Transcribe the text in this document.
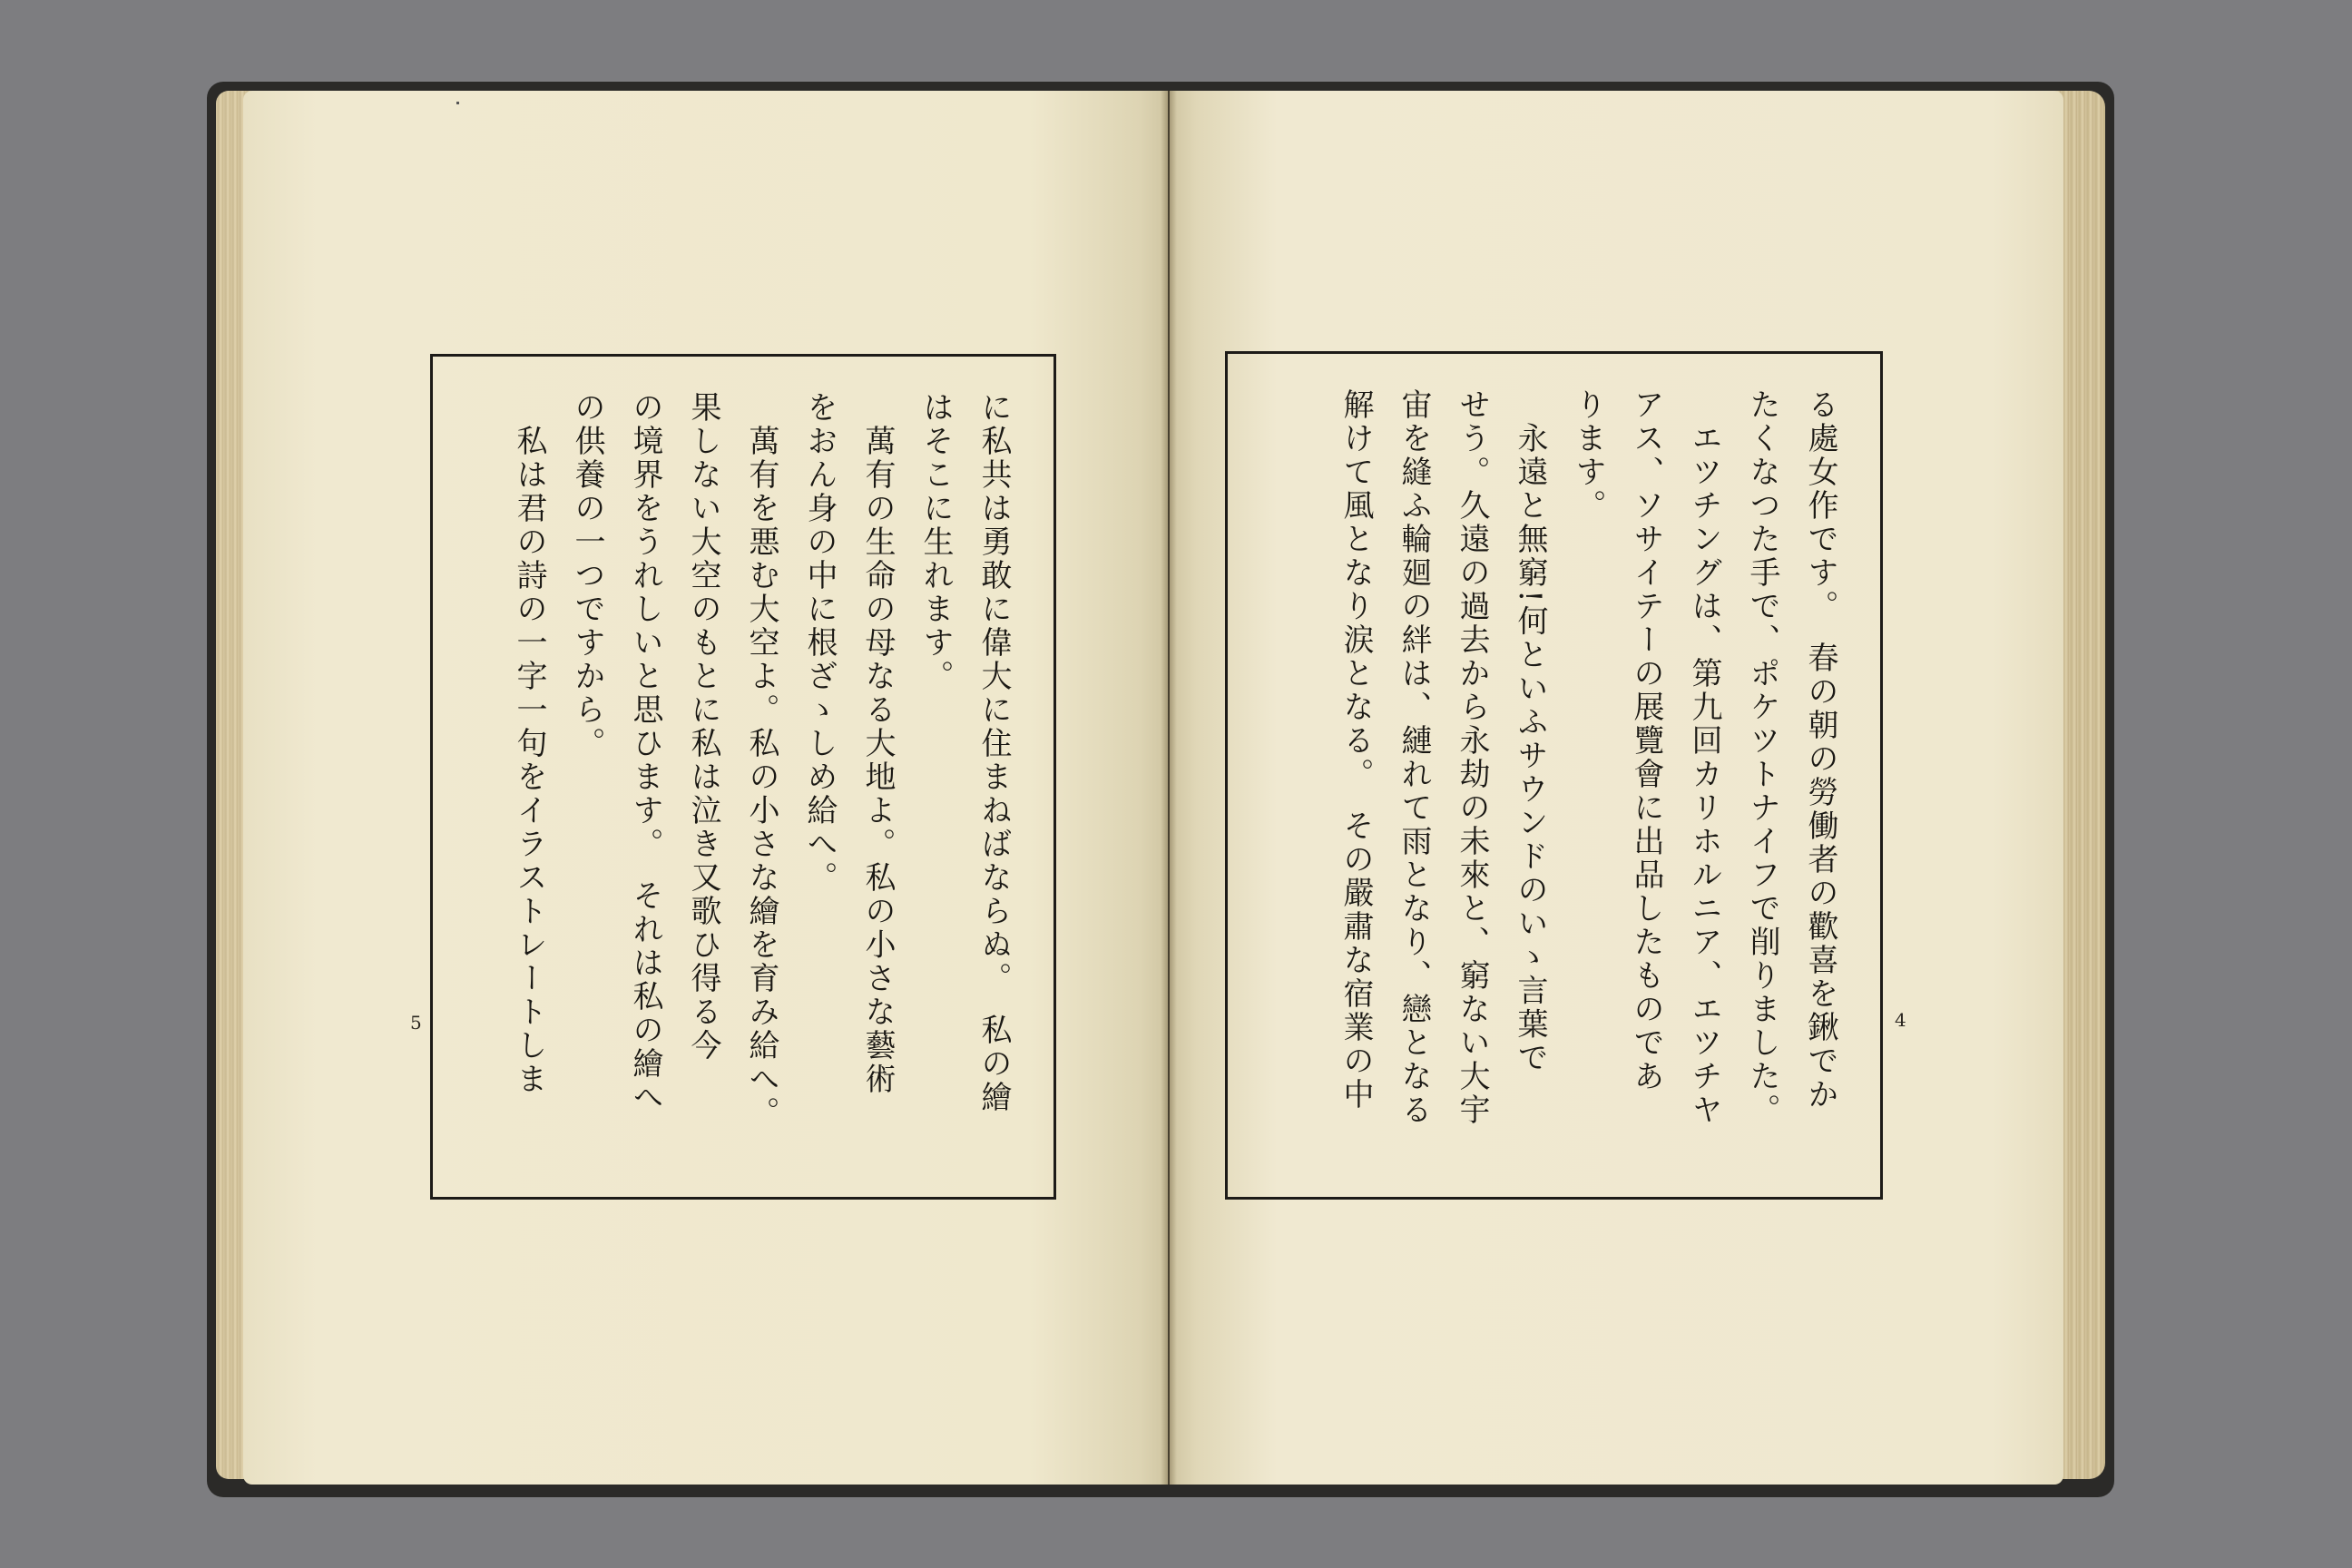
に私共は勇敢に偉大に住まねばならぬ。　私の繪
はそこに生れます。
　萬有の生命の母なる大地よ。私の小さな藝術
をおん身の中に根ざゝしめ給へ。
　萬有を悪む大空よ。私の小さな繪を育み給へ。
果しない大空のもとに私は泣き又歌ひ得る今
の境界をうれしいと思ひます。　それは私の繪へ
の供養の一つですから。
　私は君の詩の一字一句をイラストレートしま
5	る處女作です。　春の朝の勞働者の歡喜を鍬でか
たくなつた手で、ポケツトナイフで削りました。
　エツチングは、第九回カリホルニア、エツチヤ
アス、ソサイテーの展覽會に出品したものであ
ります。
　永遠と無窮!何といふサウンドのいゝ言葉で
せう。久遠の過去から永劫の未來と、窮ない大宇
宙を縫ふ輪廻の絆は、縺れて雨となり、戀となる
解けて風となり涙となる。　その嚴肅な宿業の中	4
